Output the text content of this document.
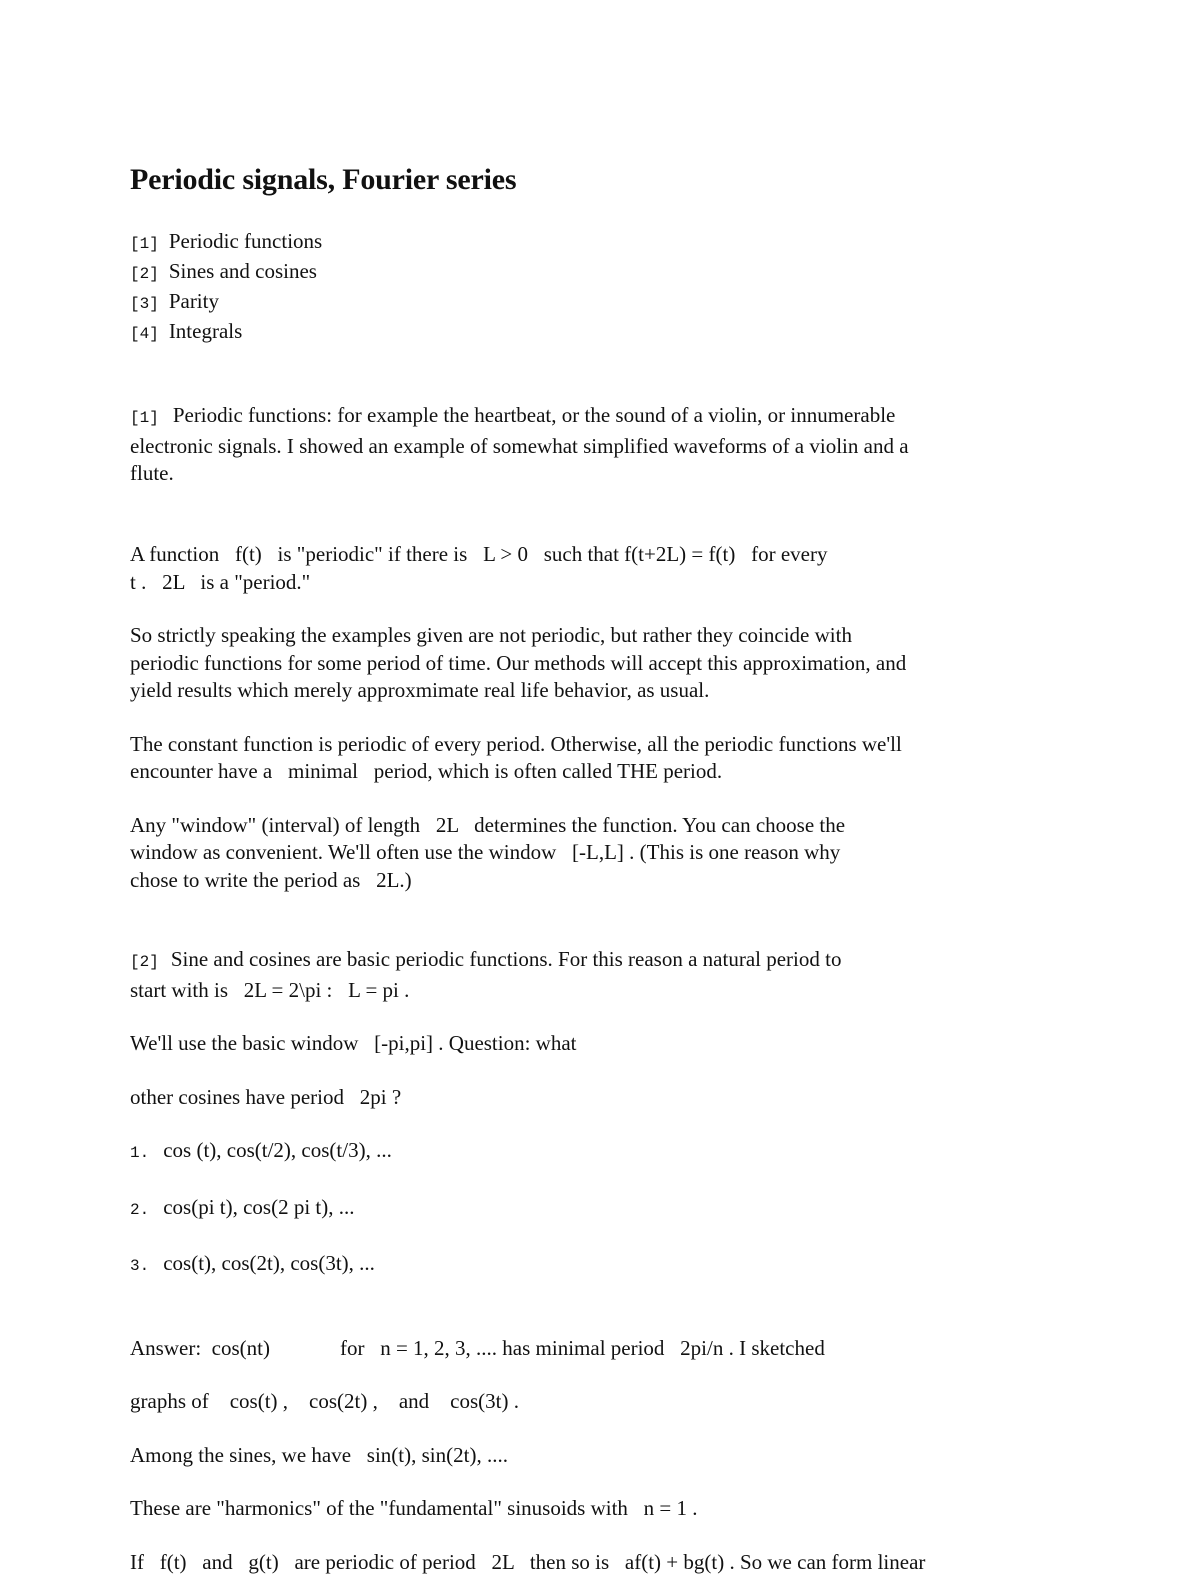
Periodic signals, Fourier series
[1] Periodic functions
[2] Sines and cosines
[3] Parity
[4] Integrals

[1] Periodic functions: for example the heartbeat, or the sound of a violin, or innumerable
electronic signals. I showed an example of somewhat simplified waveforms of a violin and a
flute.

A function   f(t)   is "periodic" if there is   L > 0   such that f(t+2L) = f(t)   for every
t .   2L   is a "period."

So strictly speaking the examples given are not periodic, but rather they coincide with
periodic functions for some period of time. Our methods will accept this approximation, and
yield results which merely approxmimate real life behavior, as usual.

The constant function is periodic of every period. Otherwise, all the periodic functions we'll
encounter have a   minimal   period, which is often called THE period.

Any "window" (interval) of length   2L   determines the function. You can choose the
window as convenient. We'll often use the window   [-L,L] . (This is one reason why
chose to write the period as   2L.)

[2] Sine and cosines are basic periodic functions. For this reason a natural period to
start with is   2L = 2\pi :   L = pi .

We'll use the basic window   [-pi,pi] . Question: what

other cosines have period   2pi ?

1. cos (t), cos(t/2), cos(t/3), ...

2. cos(pi t), cos(2 pi t), ...

3. cos(t), cos(2t), cos(3t), ...

Answer:  cos(nt)	for   n = 1, 2, 3, .... has minimal period   2pi/n . I sketched

graphs of    cos(t) ,    cos(2t) ,    and    cos(3t) .

Among the sines, we have   sin(t), sin(2t), ....

These are "harmonics" of the "fundamental" sinusoids with   n = 1 .

If   f(t)   and   g(t)   are periodic of period   2L   then so is   af(t) + bg(t) . So we can form linear
